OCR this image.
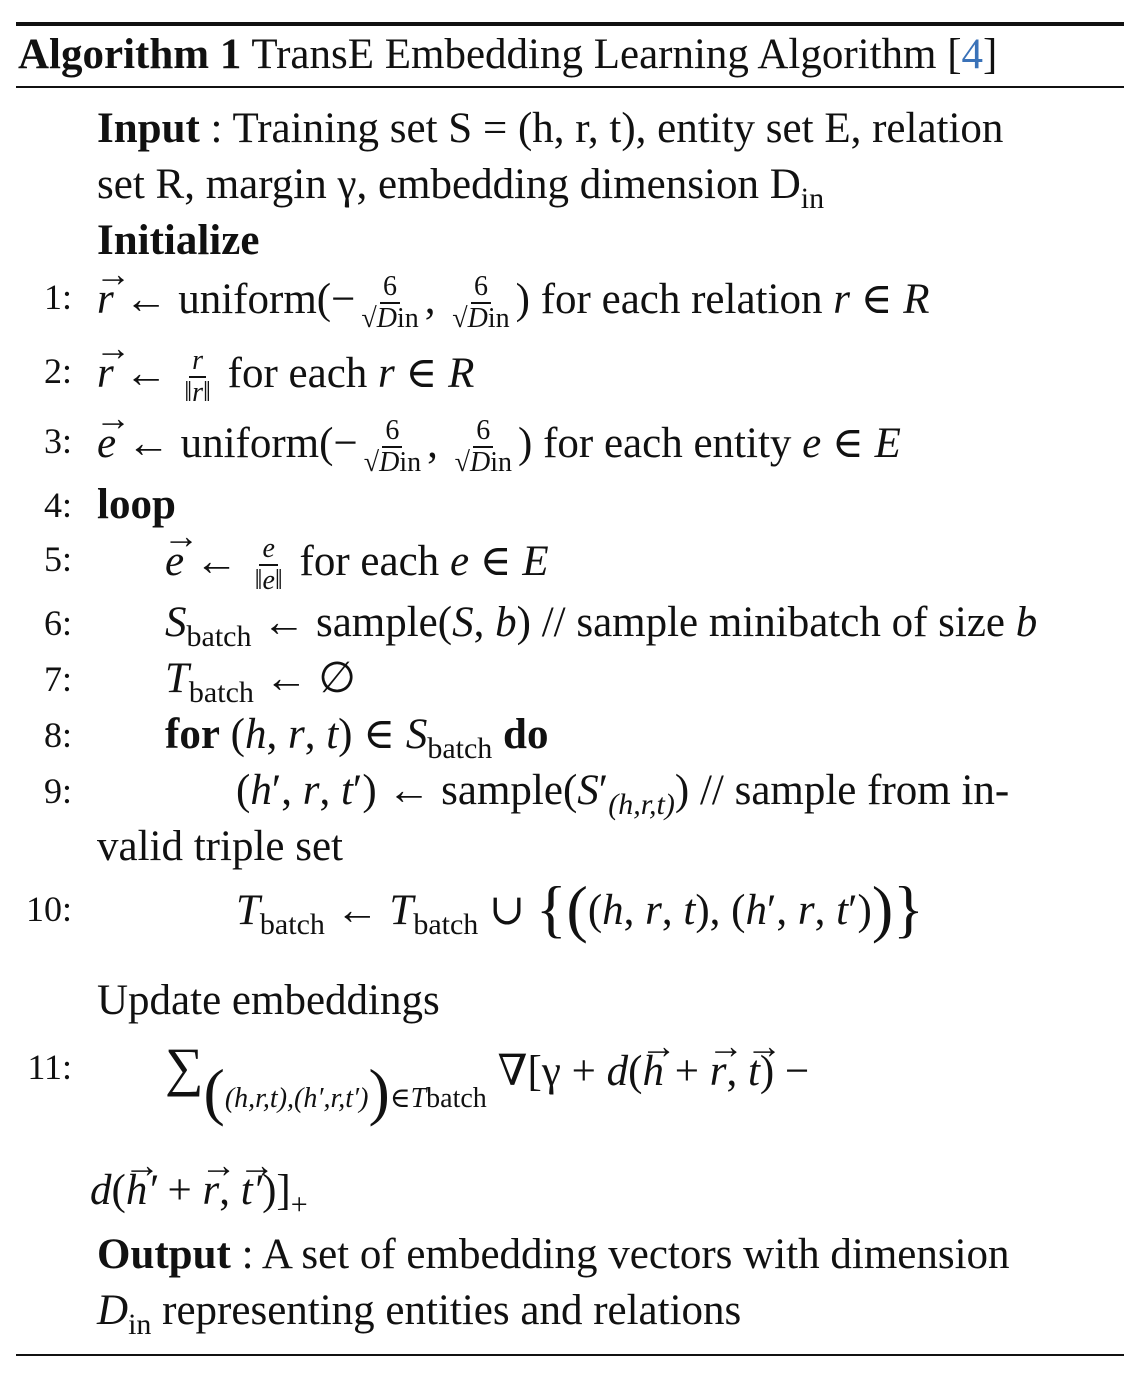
Algorithm 1 TransE Embedding Learning Algorithm [4]
Input : Training set S = (h, r, t), entity set E, relation
set R, margin γ, embedding dimension $D_{in}$
Initialize
1: → r ← uniform(− $\frac{6}{\text{√Din}}$ , $\frac{6}{\text{√Din}}$ ) for each relation r ∈ R
2: → r ← $\frac{r}{‖r‖}$ for each r ∈ R
3: → e ← uniform(− $\frac{6}{\text{√Din}}$ , $\frac{6}{\text{√Din}}$ ) for each entity e ∈ E
4: loop
5: → e ← $\frac{e}{‖e‖}$ for each e ∈ E
6: $S_{batch}$ ← sample(S, b) // sample minibatch of size b
7: $T_{batch}$ ← ∅
8: for (h, r, t) ∈ $S_{batch}$ do
9:	(h′, r, t′) ← $sample(S'_{(h,r,t)})$ // sample from in-
valid triple set
10:	$T_{batch}$ ← $T_{batch}$ ∪ {((h, r, t), (h′, r, t′))}
Update embeddings
11: $\sum_{((h,r,t),(h',r,t'))\in Tbatch}$ ∇[γ + d(→ h + → r, → t) −
d(→ h′ + → r, → $t')]_+$
Output : A set of embedding vectors with dimension
$D_{in}$ representing entities and relations
